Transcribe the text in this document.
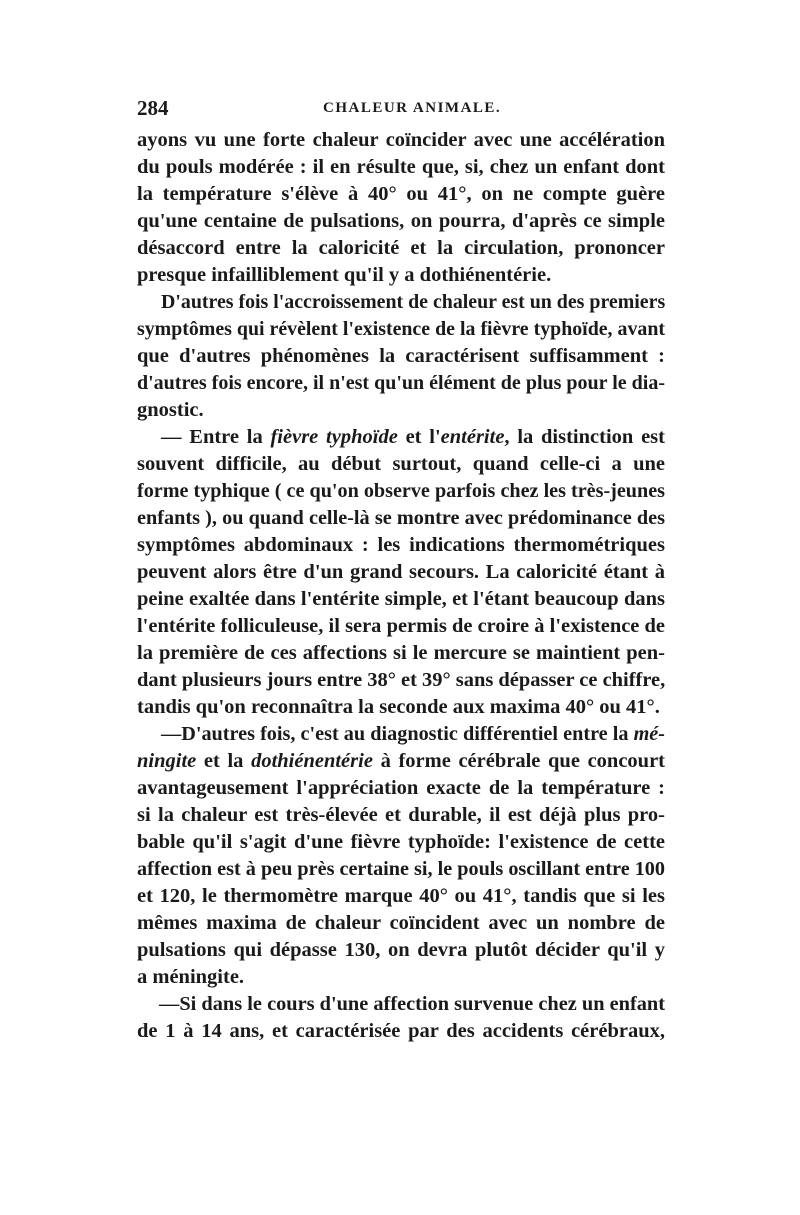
284	CHALEUR ANIMALE.
ayons vu une forte chaleur coïncider avec une accélération
du pouls modérée : il en résulte que, si, chez un enfant dont
la température s'élève à 40° ou 41°, on ne compte guère
qu'une centaine de pulsations, on pourra, d'après ce simple
désaccord entre la caloricité et la circulation, prononcer
presque infailliblement qu'il y a dothiénentérie.
D'autres fois l'accroissement de chaleur est un des premiers
symptômes qui révèlent l'existence de la fièvre typhoïde, avant
que d'autres phénomènes la caractérisent suffisamment :
d'autres fois encore, il n'est qu'un élément de plus pour le dia-
gnostic.
— Entre la fièvre typhoïde et l'entérite, la distinction est
souvent difficile, au début surtout, quand celle-ci a une
forme typhique ( ce qu'on observe parfois chez les très-jeunes
enfants ), ou quand celle-là se montre avec prédominance des
symptômes abdominaux : les indications thermométriques
peuvent alors être d'un grand secours. La caloricité étant à
peine exaltée dans l'entérite simple, et l'étant beaucoup dans
l'entérite folliculeuse, il sera permis de croire à l'existence de
la première de ces affections si le mercure se maintient pen-
dant plusieurs jours entre 38° et 39° sans dépasser ce chiffre,
tandis qu'on reconnaîtra la seconde aux maxima 40° ou 41°.
—D'autres fois, c'est au diagnostic différentiel entre la mé-
ningite et la dothiénentérie à forme cérébrale que concourt
avantageusement l'appréciation exacte de la température :
si la chaleur est très-élevée et durable, il est déjà plus pro-
bable qu'il s'agit d'une fièvre typhoïde: l'existence de cette
affection est à peu près certaine si, le pouls oscillant entre 100
et 120, le thermomètre marque 40° ou 41°, tandis que si les
mêmes maxima de chaleur coïncident avec un nombre de
pulsations qui dépasse 130, on devra plutôt décider qu'il y
a méningite.
—Si dans le cours d'une affection survenue chez un enfant
de 1 à 14 ans, et caractérisée par des accidents cérébraux,
